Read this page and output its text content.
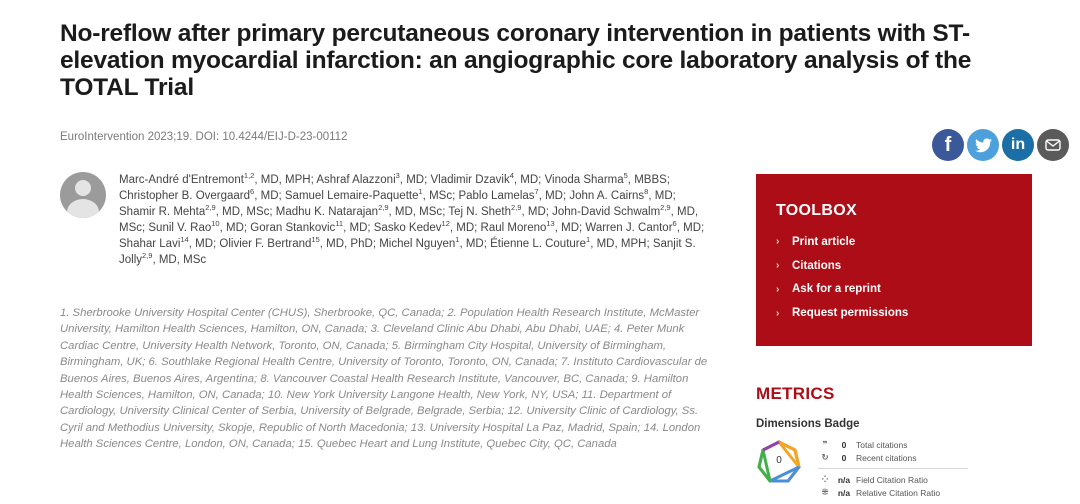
No-reflow after primary percutaneous coronary intervention in patients with ST-elevation myocardial infarction: an angiographic core laboratory analysis of the TOTAL Trial
EuroIntervention 2023;19. DOI: 10.4244/EIJ-D-23-00112	f	in
Marc-André d'Entremont$^{1,2}$, MD, MPH; Ashraf Alazzoni$^3$, MD; Vladimir Dzavik$^4$, MD; Vinoda Sharma$^5$, MBBS; Christopher B. Overgaard$^6$, MD; Samuel Lemaire-Paquette$^1$, MSc; Pablo Lamelas$^7$, MD; John A. Cairns$^8$, MD; Shamir R. Mehta$^{2,9}$, MD, MSc; Madhu K. Natarajan$^{2,9}$, MD, MSc; Tej N. Sheth$^{2,9}$, MD; John-David Schwalm$^{2,9}$, MD, MSc; Sunil V. Rao$^{10}$, MD; Goran Stankovic$^{11}$, MD; Sasko Kedev$^{12}$, MD; Raul Moreno$^{13}$, MD; Warren J. Cantor$^6$, MD; Shahar Lavi$^{14}$, MD; Olivier F. Bertrand$^{15}$, MD, PhD; Michel Nguyen$^1$, MD; Étienne L. Couture$^1$, MD, MPH; Sanjit S. Jolly$^{2,9}$, MD, MSc
1. Sherbrooke University Hospital Center (CHUS), Sherbrooke, QC, Canada; 2. Population Health Research Institute, McMaster University, Hamilton Health Sciences, Hamilton, ON, Canada; 3. Cleveland Clinic Abu Dhabi, Abu Dhabi, UAE; 4. Peter Munk Cardiac Centre, University Health Network, Toronto, ON, Canada; 5. Birmingham City Hospital, University of Birmingham, Birmingham, UK; 6. Southlake Regional Health Centre, University of Toronto, Toronto, ON, Canada; 7. Instituto Cardiovascular de Buenos Aires, Buenos Aires, Argentina; 8. Vancouver Coastal Health Research Institute, Vancouver, BC, Canada; 9. Hamilton Health Sciences, Hamilton, ON, Canada; 10. New York University Langone Health, New York, NY, USA; 11. Department of Cardiology, University Clinical Center of Serbia, University of Belgrade, Belgrade, Serbia; 12. University Clinic of Cardiology, Ss. Cyril and Methodius University, Skopje, Republic of North Macedonia; 13. University Hospital La Paz, Madrid, Spain; 14. London Health Sciences Centre, London, ON, Canada; 15. Quebec Heart and Lung Institute, Quebec City, QC, Canada
TOOLBOX
›	Print article
›	Citations
›	Ask for a reprint
›	Request permissions
METRICS
Dimensions Badge
0
❞	0	Total citations
↻	0	Recent citations
⁘	n/a Field Citation Ratio
⁜	n/a Relative Citation Ratio
